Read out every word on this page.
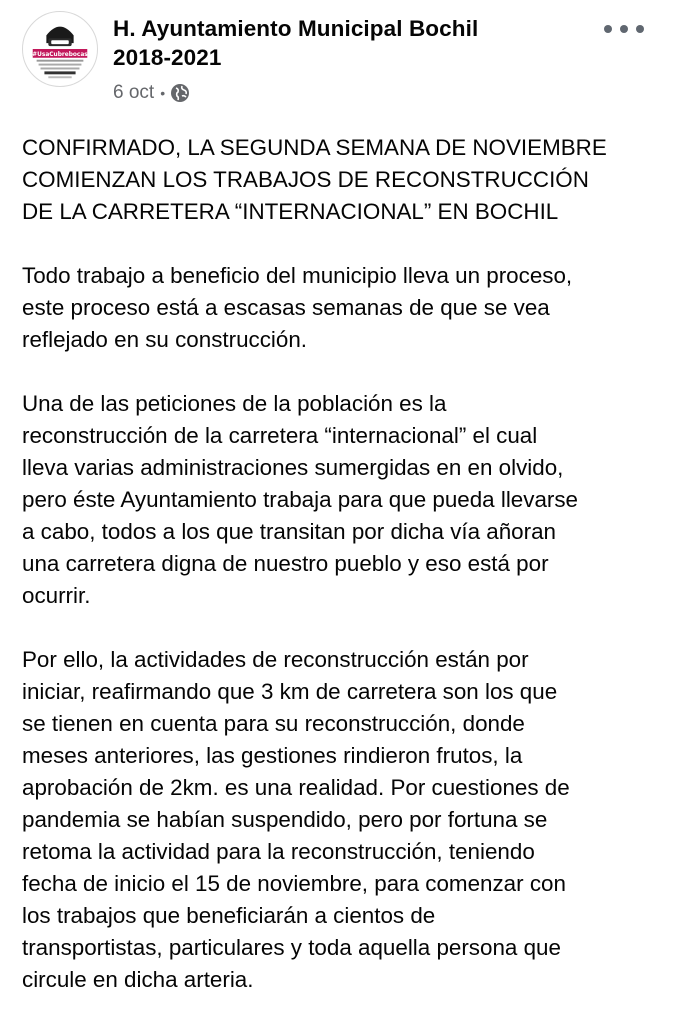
#UsaCubrebocas
H. Ayuntamiento Municipal Bochil
2018-2021
6 oct •

CONFIRMADO, LA SEGUNDA SEMANA DE NOVIEMBRE
COMIENZAN LOS TRABAJOS DE RECONSTRUCCIÓN
DE LA CARRETERA “INTERNACIONAL” EN BOCHIL

Todo trabajo a beneficio del municipio lleva un proceso,
este proceso está a escasas semanas de que se vea
reflejado en su construcción.

Una de las peticiones de la población es la
reconstrucción de la carretera “internacional” el cual
lleva varias administraciones sumergidas en en olvido,
pero éste Ayuntamiento trabaja para que pueda llevarse
a cabo, todos a los que transitan por dicha vía añoran
una carretera digna de nuestro pueblo y eso está por
ocurrir.

Por ello, la actividades de reconstrucción están por
iniciar, reafirmando que 3 km de carretera son los que
se tienen en cuenta para su reconstrucción, donde
meses anteriores, las gestiones rindieron frutos, la
aprobación de 2km. es una realidad. Por cuestiones de
pandemia se habían suspendido, pero por fortuna se
retoma la actividad para la reconstrucción, teniendo
fecha de inicio el 15 de noviembre, para comenzar con
los trabajos que beneficiarán a cientos de
transportistas, particulares y toda aquella persona que
circule en dicha arteria.
